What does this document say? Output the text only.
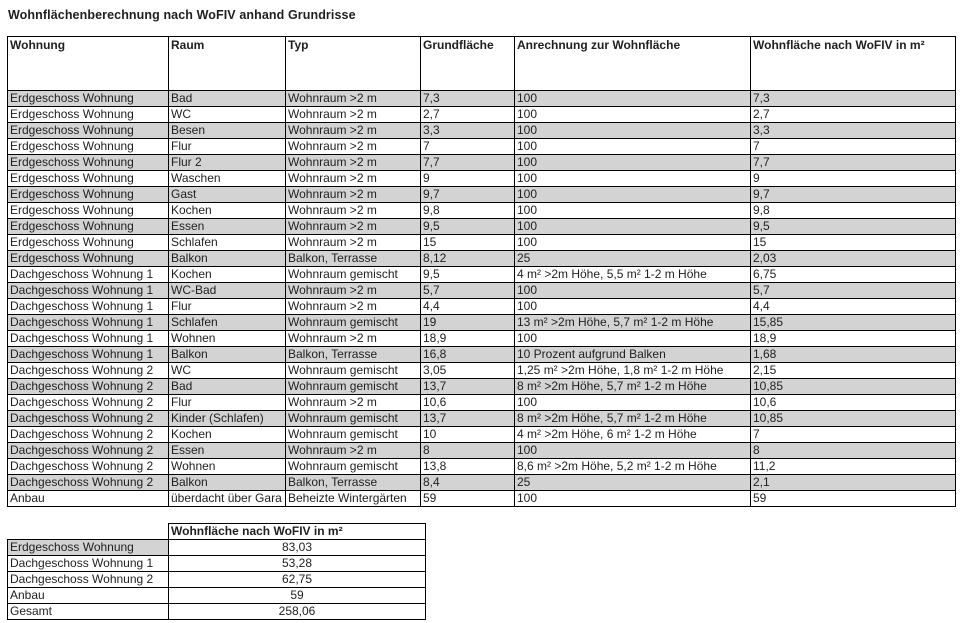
Wohnflächenberechnung nach WoFIV anhand Grundrisse
Wohnung	Raum	Typ	Grundfläche	Anrechnung zur Wohnfläche	Wohnfläche nach WoFIV in m²
Erdgeschoss Wohnung	Bad	Wohnraum >2 m	7,3	100	7,3
Erdgeschoss Wohnung	WC	Wohnraum >2 m	2,7	100	2,7
Erdgeschoss Wohnung	Besen	Wohnraum >2 m	3,3	100	3,3
Erdgeschoss Wohnung	Flur	Wohnraum >2 m	7	100	7
Erdgeschoss Wohnung	Flur 2	Wohnraum >2 m	7,7	100	7,7
Erdgeschoss Wohnung	Waschen	Wohnraum >2 m	9	100	9
Erdgeschoss Wohnung	Gast	Wohnraum >2 m	9,7	100	9,7
Erdgeschoss Wohnung	Kochen	Wohnraum >2 m	9,8	100	9,8
Erdgeschoss Wohnung	Essen	Wohnraum >2 m	9,5	100	9,5
Erdgeschoss Wohnung	Schlafen	Wohnraum >2 m	15	100	15
Erdgeschoss Wohnung	Balkon	Balkon, Terrasse	8,12	25	2,03
Dachgeschoss Wohnung 1	Kochen	Wohnraum gemischt	9,5	4 m² >2m Höhe, 5,5 m² 1-2 m Höhe	6,75
Dachgeschoss Wohnung 1	WC-Bad	Wohnraum >2 m	5,7	100	5,7
Dachgeschoss Wohnung 1	Flur	Wohnraum >2 m	4,4	100	4,4
Dachgeschoss Wohnung 1	Schlafen	Wohnraum gemischt	19	13 m² >2m Höhe, 5,7 m² 1-2 m Höhe	15,85
Dachgeschoss Wohnung 1	Wohnen	Wohnraum >2 m	18,9	100	18,9
Dachgeschoss Wohnung 1	Balkon	Balkon, Terrasse	16,8	10 Prozent aufgrund Balken	1,68
Dachgeschoss Wohnung 2	WC	Wohnraum gemischt	3,05	1,25 m² >2m Höhe, 1,8 m² 1-2 m Höhe	2,15
Dachgeschoss Wohnung 2	Bad	Wohnraum gemischt	13,7	8 m² >2m Höhe, 5,7 m² 1-2 m Höhe	10,85
Dachgeschoss Wohnung 2	Flur	Wohnraum >2 m	10,6	100	10,6
Dachgeschoss Wohnung 2	Kinder (Schlafen)	Wohnraum gemischt	13,7	8 m² >2m Höhe, 5,7 m² 1-2 m Höhe	10,85
Dachgeschoss Wohnung 2	Kochen	Wohnraum gemischt	10	4 m² >2m Höhe, 6 m² 1-2 m Höhe	7
Dachgeschoss Wohnung 2	Essen	Wohnraum >2 m	8	100	8
Dachgeschoss Wohnung 2	Wohnen	Wohnraum gemischt	13,8	8,6 m² >2m Höhe, 5,2 m² 1-2 m Höhe	11,2
Dachgeschoss Wohnung 2	Balkon	Balkon, Terrasse	8,4	25	2,1
Anbau	überdacht über Gara	Beheizte Wintergärten	59	100	59
	Wohnfläche nach WoFIV in m²
Erdgeschoss Wohnung	83,03
Dachgeschoss Wohnung 1	53,28
Dachgeschoss Wohnung 2	62,75
Anbau	59
Gesamt	258,06
